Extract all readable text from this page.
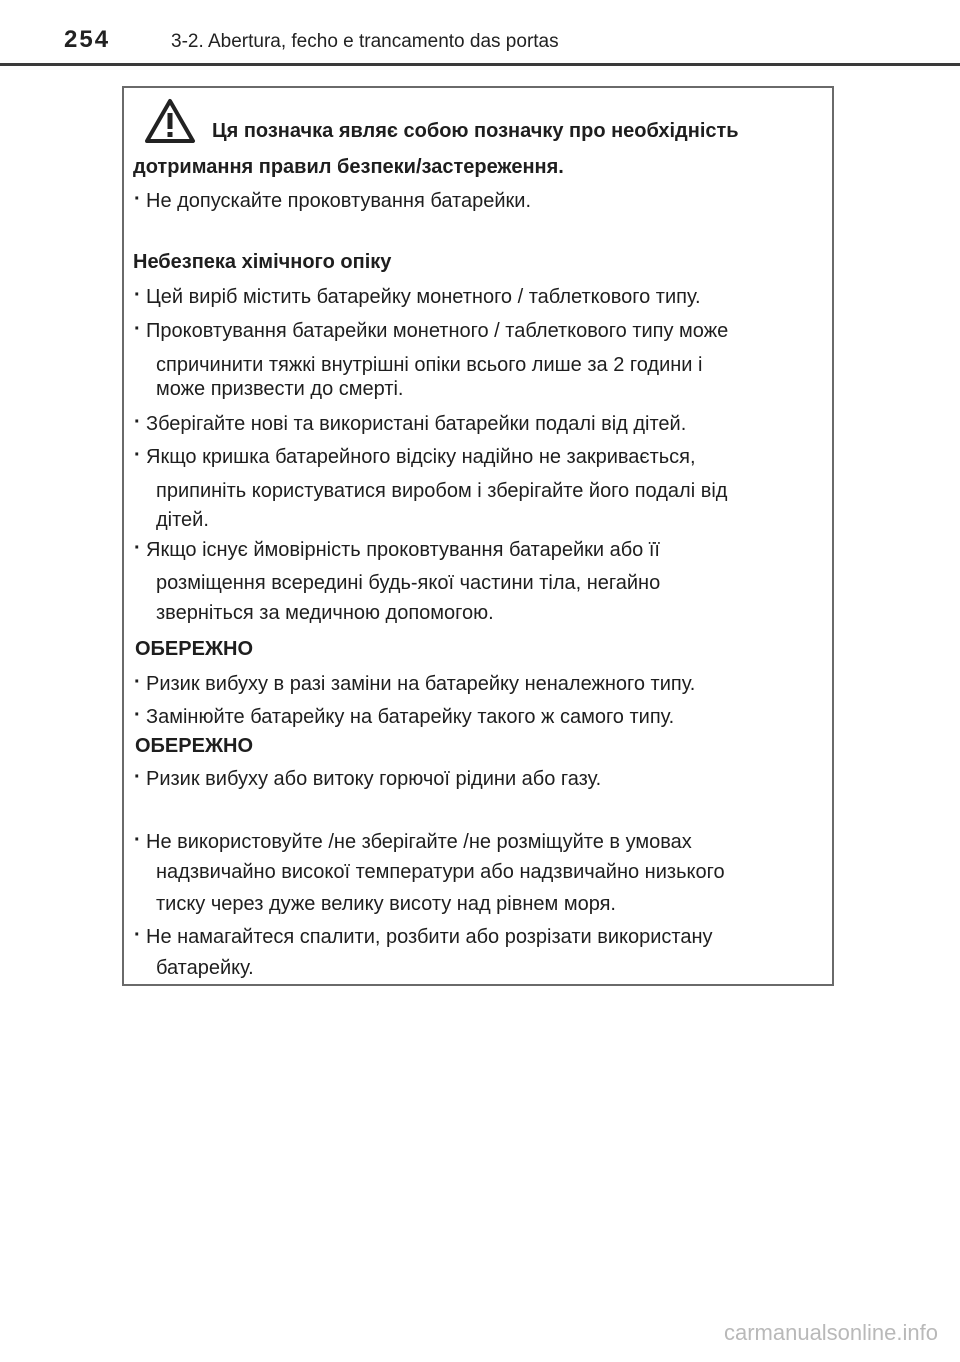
254	3-2. Abertura, fecho e trancamento das portas
Ця позначка являє собою позначку про необхідність
дотримання правил безпеки/застереження.
· Не допускайте проковтування батарейки.
Небезпека хімічного опіку
· Цей виріб містить батарейку монетного / таблеткового типу.
· Проковтування батарейки монетного / таблеткового типу може
спричинити тяжкі внутрішні опіки всього лише за 2 години і
може призвести до смерті.
· Зберігайте нові та використані батарейки подалі від дітей.
· Якщо кришка батарейного відсіку надійно не закривається,
припиніть користуватися виробом і зберігайте його подалі від
дітей.
· Якщо існує ймовірність проковтування батарейки або її
розміщення всередині будь-якої частини тіла, негайно
зверніться за медичною допомогою.
ОБЕРЕЖНО
· Ризик вибуху в разі заміни на батарейку неналежного типу.
· Замінюйте батарейку на батарейку такого ж самого типу.
ОБЕРЕЖНО
· Ризик вибуху або витоку горючої рідини або газу.
· Не використовуйте /не зберігайте /не розміщуйте в умовах
надзвичайно високої температури або надзвичайно низького
тиску через дуже велику висоту над рівнем моря.
· Не намагайтеся спалити, розбити або розрізати використану
батарейку.
carmanualsonline.info
